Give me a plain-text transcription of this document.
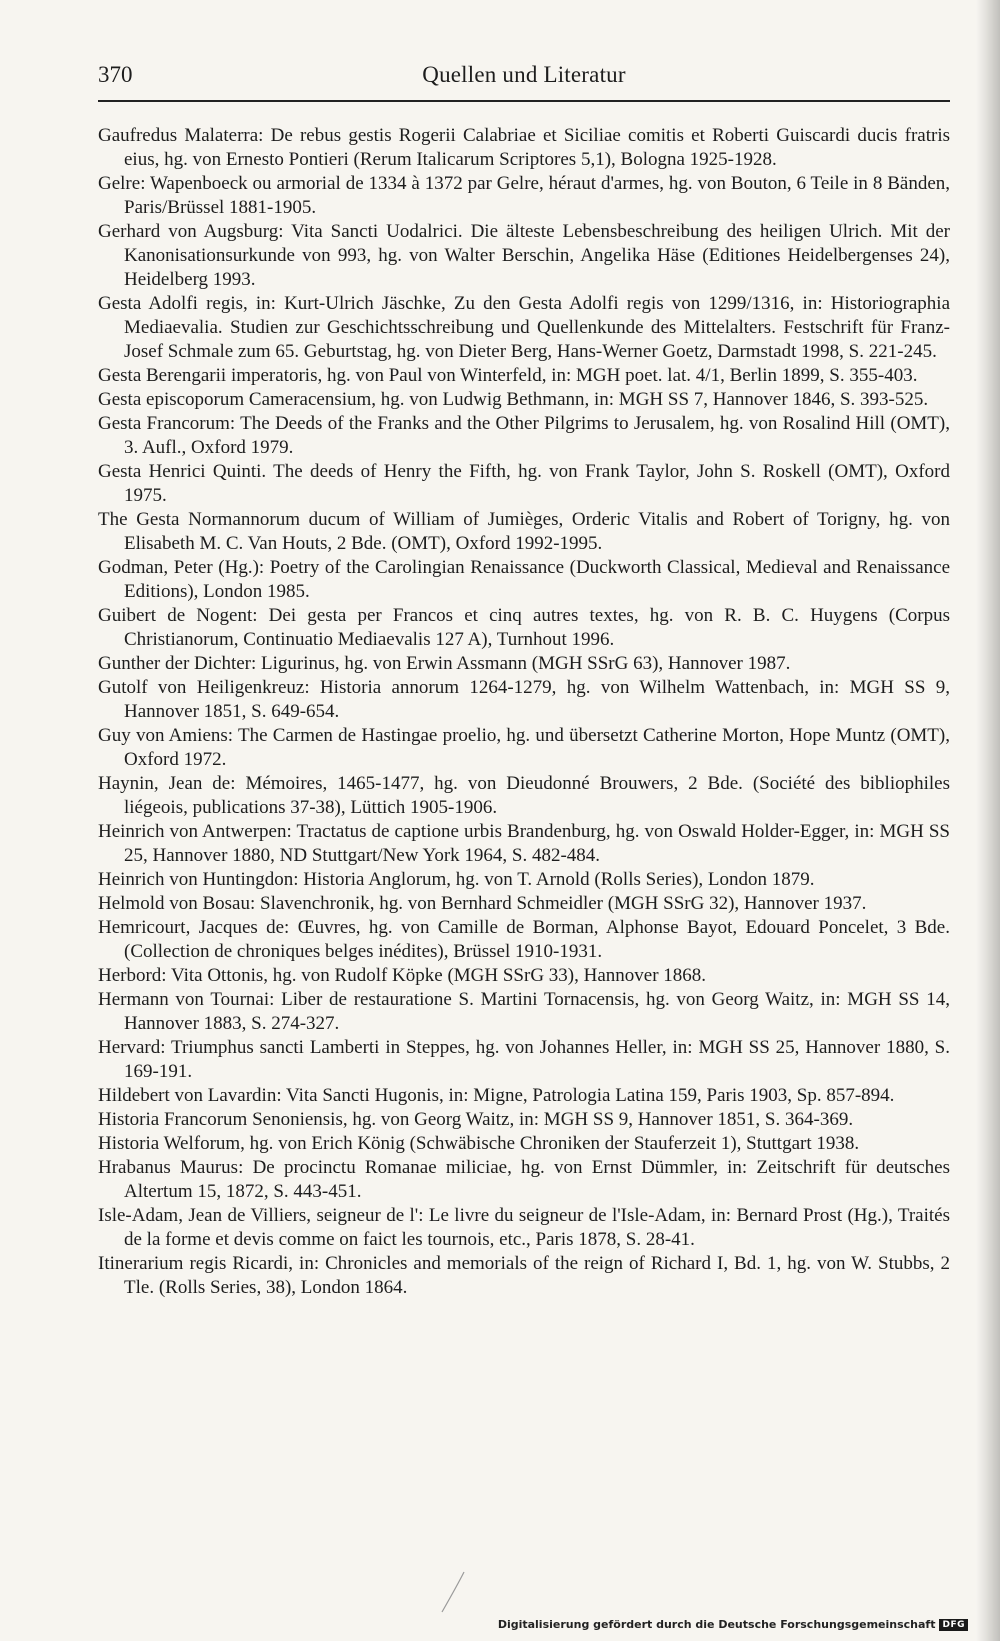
370	Quellen und Literatur
Gaufredus Malaterra: De rebus gestis Rogerii Calabriae et Siciliae comitis et Roberti Guiscardi ducis fratris eius, hg. von Ernesto Pontieri (Rerum Italicarum Scriptores 5,1), Bologna 1925-1928.
Gelre: Wapenboeck ou armorial de 1334 à 1372 par Gelre, héraut d'armes, hg. von Bouton, 6 Teile in 8 Bänden, Paris/Brüssel 1881-1905.
Gerhard von Augsburg: Vita Sancti Uodalrici. Die älteste Lebensbeschreibung des heiligen Ulrich. Mit der Kanonisationsurkunde von 993, hg. von Walter Berschin, Angelika Häse (Editiones Heidelbergenses 24), Heidelberg 1993.
Gesta Adolfi regis, in: Kurt-Ulrich Jäschke, Zu den Gesta Adolfi regis von 1299/1316, in: Historiographia Mediaevalia. Studien zur Geschichtsschreibung und Quellenkunde des Mittelalters. Festschrift für Franz-Josef Schmale zum 65. Geburtstag, hg. von Dieter Berg, Hans-Werner Goetz, Darmstadt 1998, S. 221-245.
Gesta Berengarii imperatoris, hg. von Paul von Winterfeld, in: MGH poet. lat. 4/1, Berlin 1899, S. 355-403.
Gesta episcoporum Cameracensium, hg. von Ludwig Bethmann, in: MGH SS 7, Hannover 1846, S. 393-525.
Gesta Francorum: The Deeds of the Franks and the Other Pilgrims to Jerusalem, hg. von Rosalind Hill (OMT), 3. Aufl., Oxford 1979.
Gesta Henrici Quinti. The deeds of Henry the Fifth, hg. von Frank Taylor, John S. Roskell (OMT), Oxford 1975.
The Gesta Normannorum ducum of William of Jumièges, Orderic Vitalis and Robert of Torigny, hg. von Elisabeth M. C. Van Houts, 2 Bde. (OMT), Oxford 1992-1995.
Godman, Peter (Hg.): Poetry of the Carolingian Renaissance (Duckworth Classical, Medieval and Renaissance Editions), London 1985.
Guibert de Nogent: Dei gesta per Francos et cinq autres textes, hg. von R. B. C. Huygens (Corpus Christianorum, Continuatio Mediaevalis 127 A), Turnhout 1996.
Gunther der Dichter: Ligurinus, hg. von Erwin Assmann (MGH SSrG 63), Hannover 1987.
Gutolf von Heiligenkreuz: Historia annorum 1264-1279, hg. von Wilhelm Wattenbach, in: MGH SS 9, Hannover 1851, S. 649-654.
Guy von Amiens: The Carmen de Hastingae proelio, hg. und übersetzt Catherine Morton, Hope Muntz (OMT), Oxford 1972.
Haynin, Jean de: Mémoires, 1465-1477, hg. von Dieudonné Brouwers, 2 Bde. (Société des bibliophiles liégeois, publications 37-38), Lüttich 1905-1906.
Heinrich von Antwerpen: Tractatus de captione urbis Brandenburg, hg. von Oswald Holder-Egger, in: MGH SS 25, Hannover 1880, ND Stuttgart/New York 1964, S. 482-484.
Heinrich von Huntingdon: Historia Anglorum, hg. von T. Arnold (Rolls Series), London 1879.
Helmold von Bosau: Slavenchronik, hg. von Bernhard Schmeidler (MGH SSrG 32), Hannover 1937.
Hemricourt, Jacques de: Œuvres, hg. von Camille de Borman, Alphonse Bayot, Edouard Poncelet, 3 Bde. (Collection de chroniques belges inédites), Brüssel 1910-1931.
Herbord: Vita Ottonis, hg. von Rudolf Köpke (MGH SSrG 33), Hannover 1868.
Hermann von Tournai: Liber de restauratione S. Martini Tornacensis, hg. von Georg Waitz, in: MGH SS 14, Hannover 1883, S. 274-327.
Hervard: Triumphus sancti Lamberti in Steppes, hg. von Johannes Heller, in: MGH SS 25, Hannover 1880, S. 169-191.
Hildebert von Lavardin: Vita Sancti Hugonis, in: Migne, Patrologia Latina 159, Paris 1903, Sp. 857-894.
Historia Francorum Senoniensis, hg. von Georg Waitz, in: MGH SS 9, Hannover 1851, S. 364-369.
Historia Welforum, hg. von Erich König (Schwäbische Chroniken der Stauferzeit 1), Stuttgart 1938.
Hrabanus Maurus: De procinctu Romanae miliciae, hg. von Ernst Dümmler, in: Zeitschrift für deutsches Altertum 15, 1872, S. 443-451.
Isle-Adam, Jean de Villiers, seigneur de l': Le livre du seigneur de l'Isle-Adam, in: Bernard Prost (Hg.), Traités de la forme et devis comme on faict les tournois, etc., Paris 1878, S. 28-41.
Itinerarium regis Ricardi, in: Chronicles and memorials of the reign of Richard I, Bd. 1, hg. von W. Stubbs, 2 Tle. (Rolls Series, 38), London 1864.
Digitalisierung gefördert durch die Deutsche Forschungsgemeinschaft DFG
